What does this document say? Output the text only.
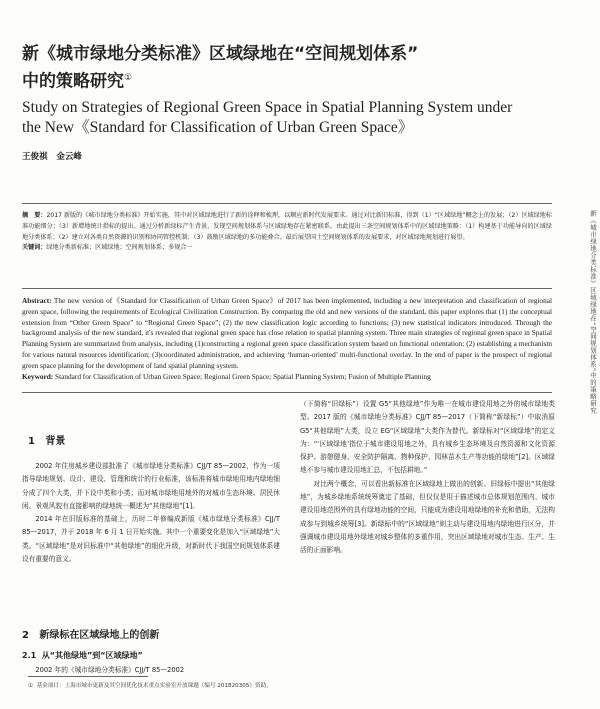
新《城市绿地分类标准》区域绿地在“空间规划体系”
中的策略研究①
Study on Strategies of Regional Green Space in Spatial Planning System under
the New《Standard for Classification of Urban Green Space》
王俊祺 金云峰
摘　要：2017 新版的《城市绿地分类标准》开始实施，其中对区域绿地进行了新的诠释和梳理，以顺应新时代发展要求。通过对比新旧标准，得到（1）“区域绿地”概念上的发展；（2）区域绿地标准功能细分；（3）新增地统计指标的提出。通过分析新绿标产生背景，发现空间规划体系与区域绿地存在紧密联系。由此提出三条空间规划体系中的区域绿地策略：（1）构建基于功能导向的区域绿地分类体系；（2）建立对各类自然资源的识别和协同管控机制；（3）鼓励区域绿地的多功能叠合。最后展望国土空间规划体系的发展要求，对区域绿地规划进行展望。
关键词：绿地分类新标准；区域绿地；空间规划体系；多规合一
Abstract: The new version of《Standard for Classification of Urban Green Space》of 2017 has been implemented, including a new interpretation and classification of regional green space, following the requirements of Ecological Civilization Construction. By comparing the old and new versions of the standard, this paper explores that (1) the conceptual extension from “Other Green Space” to “Regional Green Space”; (2) the new classification logic according to functions; (3) new statistical indicators introduced. Through the background analysis of the new standard, it's revealed that regional green space has close relation to spatial planning system. Three main strategies of regional green space in Spatial Planning System are summarized from analysis, including (1)constructing a regional green space classification system based on functional orientation; (2) establishing a mechanism for various natural resources identification; (3)coordinated administration, and achieving ‘human-oriented’ multi-functional overlay. In the end of paper is the prospect of regional green space planning for the development of land spatial planning system.
Keyword: Standard for Classification of Urban Green Space; Regional Green Space; Spatial Planning System; Fusion of Multiple Planning
1 背景
2002 年住房城乡建设部批准了《城市绿地分类标准》CJJ/T 85—2002，作为一项指导绿地规划、设计、建设、管理和统计的行业标准，该标准将城市绿地用地内绿地细分成了四个大类，并下设中类和小类；而对城市绿地用地外的对城市生态环境、居民休闲、景观风貌有直接影响的绿地统一概述为“其他绿地”[1]。
2014 年在旧版标准的基础上，历时二年修编成新版《城市绿地分类标准》CJJ/T 85—2017，并于 2018 年 6 月 1 日开始实施。其中一个重要变化是加入“区域绿地”大类。“区域绿地”是对旧标准中“其他绿地”的细化升级，对新时代下我国空间规划体系建设有重要的意义。
2 新绿标在区域绿地上的创新
2.1 从“其他绿地”到“区域绿地”
2002 年的《城市绿地分类标准》CJJ/T 85—2002
（下简称“旧绿标”）设置 G5“其他绿地”作为唯一在城市建设用地之外的城市绿地类型。2017 版的《城市绿地分类标准》CJJ/T 85—2017（下简称“新绿标”）中取消原 G5“其他绿地”大类，设立 EG“区域绿地”大类作为替代。新绿标对“区域绿地”的定义为：“‘区域绿地’指位于城市建设用地之外，具有城乡生态环境及自然资源和文化资源保护、游憩健身、安全防护隔离、物种保护、园林苗木生产等功能的绿地”[2]。区域绿地不参与城市建设用地汇总，不包括耕地。”
对比两个概念，可以看出新标准在区域绿地上做出的创新。旧绿标中提出“其他绿地”，为城乡绿地系统统筹奠定了基础，但仅仅是用于描述城市总体规划范围内、城市建设用地范围外的具有绿地功能的空间，只能成为建设用地绿地的补充和借助，无法构成参与到城乡统筹[3]。新绿标中的“区域绿地”则主动与建设用地内绿地进行区分，并强调城市建设用地外绿地对城乡整体的多重作用，突出区域绿地对城市生态、生产、生活的正面影响。
新《城市绿地分类标准》区域绿地在“空间规划体系”中的策略研究
① 基金项目：上海市城市更新及其空间优化技术重点实验室开放课题（编号 201820305）资助。
